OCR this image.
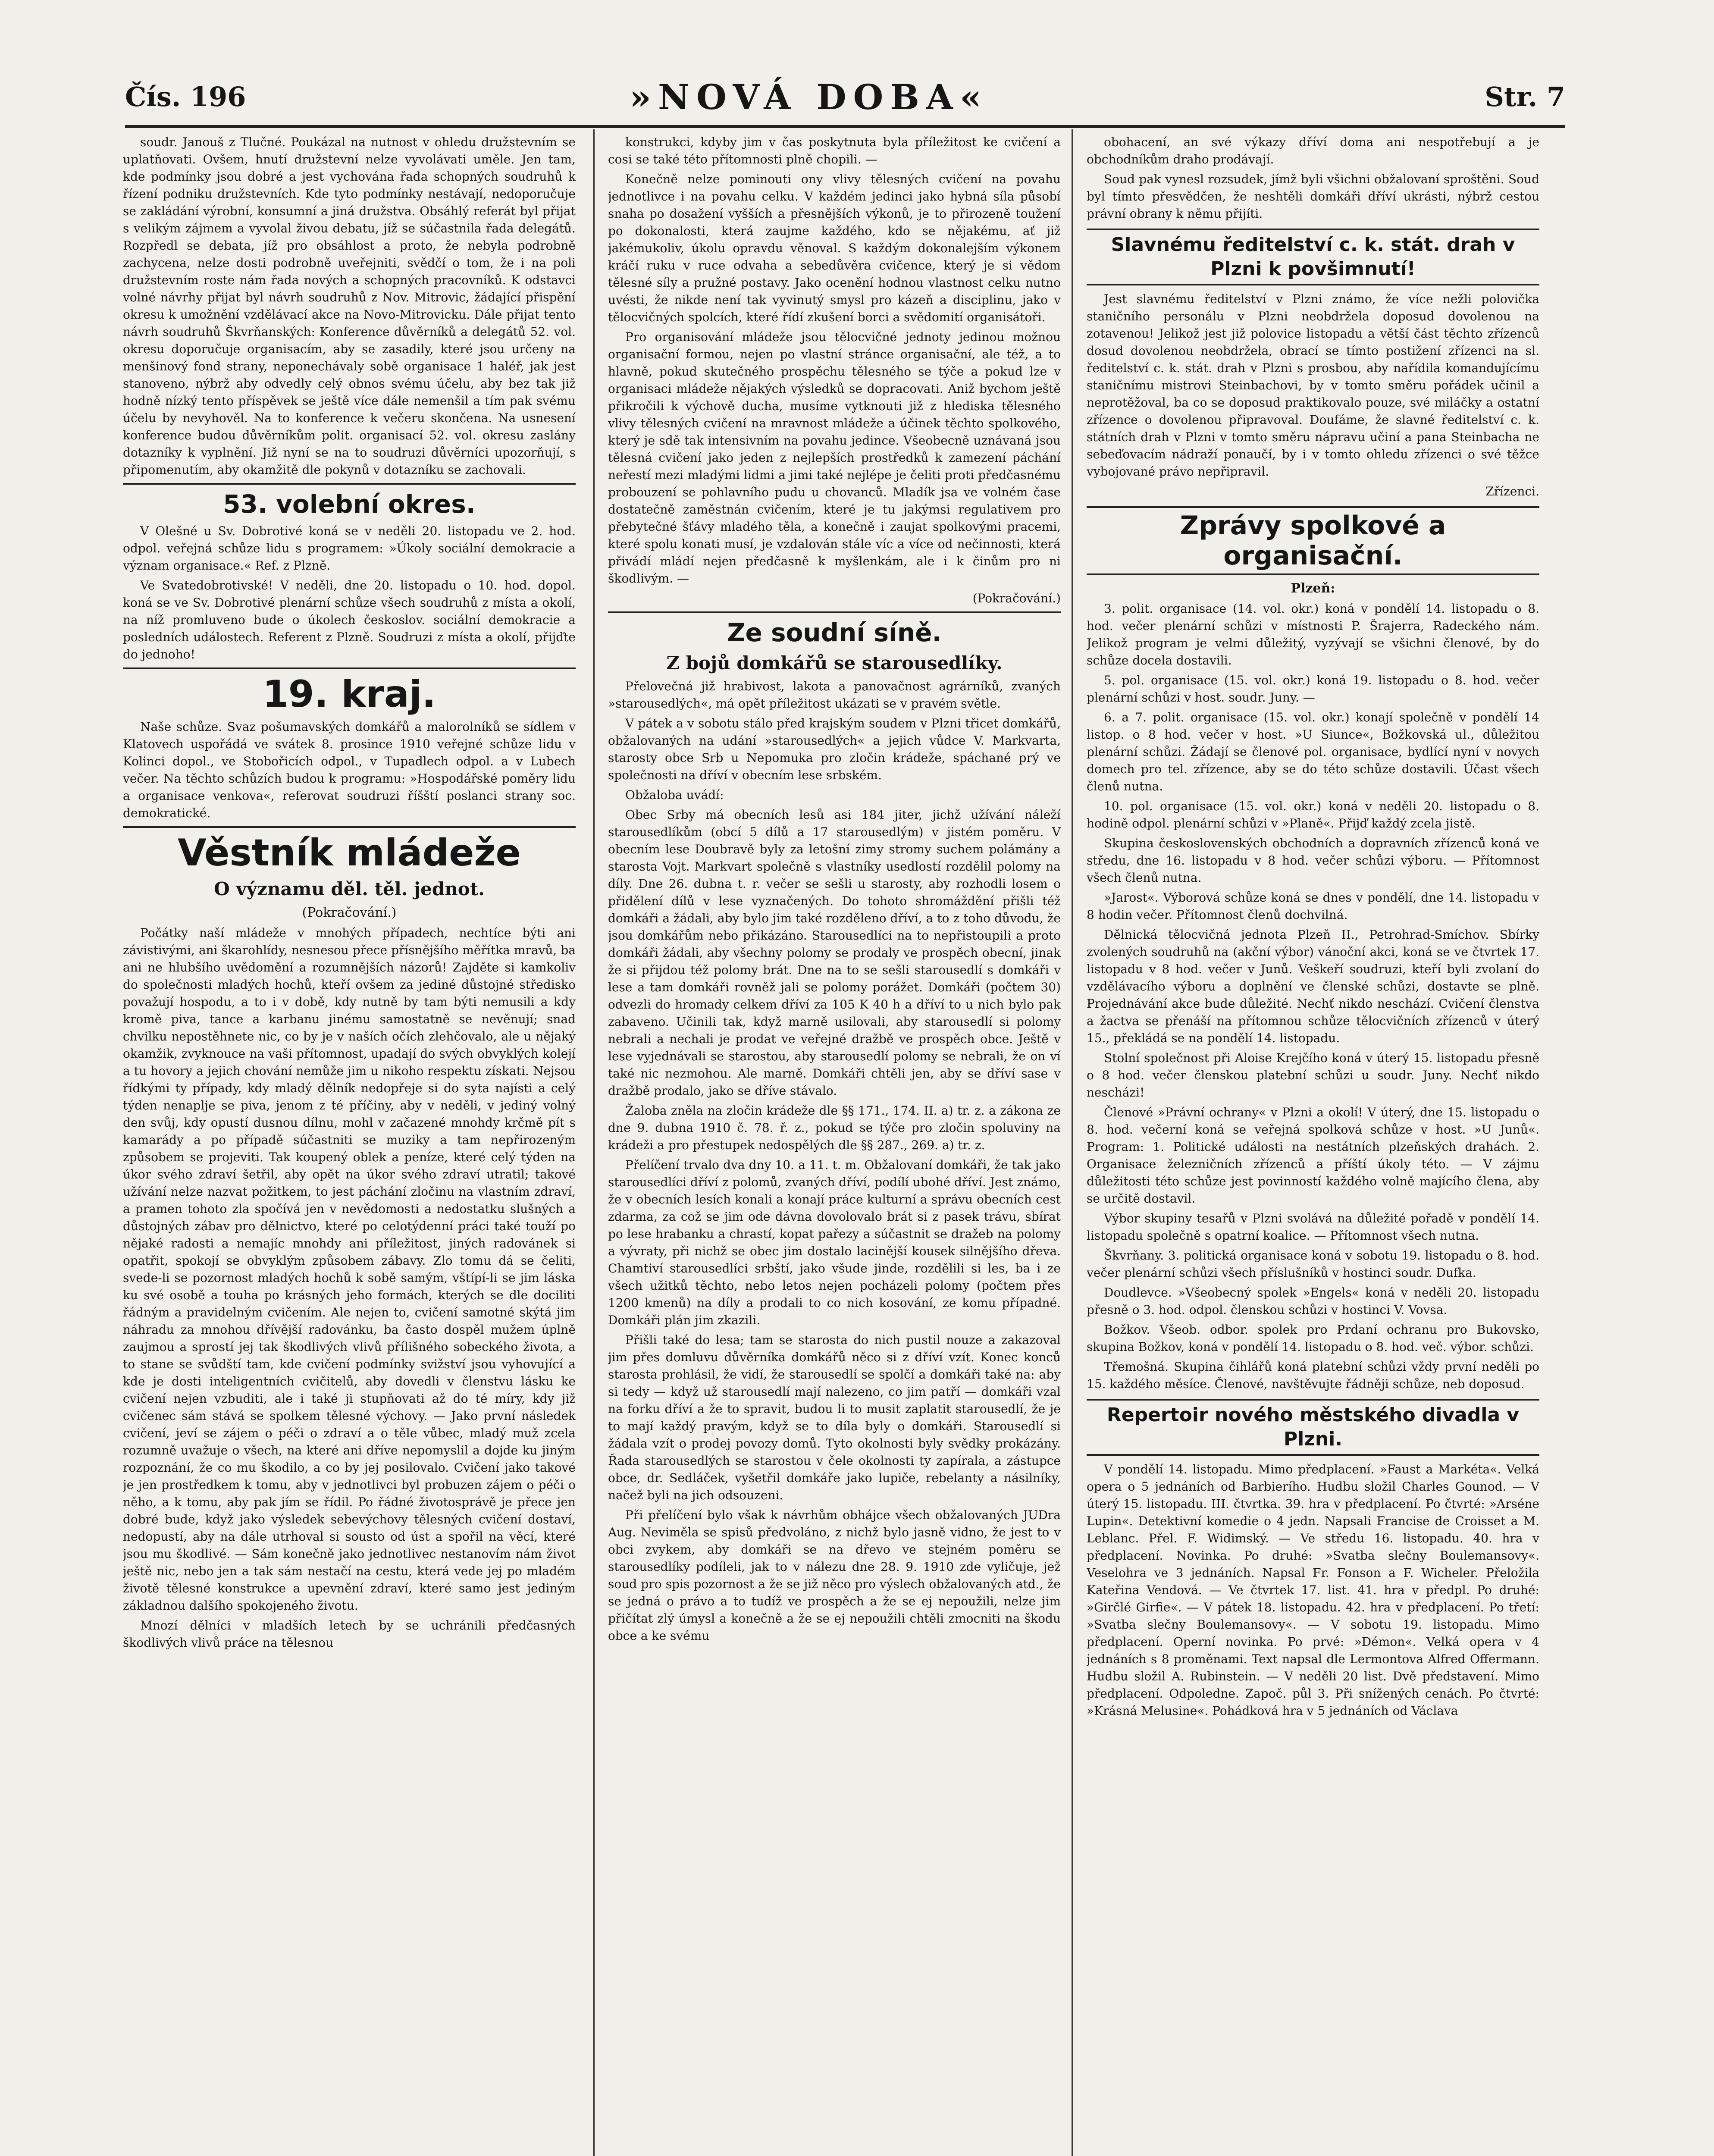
Čís. 196	»NOVÁ DOBA«	Str. 7

soudr. Janouš z Tlučné. Poukázal na nutnost v ohledu družstevním se uplatňovati. Ovšem, hnutí družstevní nelze vyvolávati uměle. Jen tam, kde podmínky jsou dobré a jest vychována řada schopných soudruhů k řízení podniku družstevních. Kde tyto podmínky nestávají, nedoporučuje se zakládání výrobní, konsumní a jiná družstva. Obsáhlý referát byl přijat s velikým zájmem a vyvolal živou debatu, jíž se súčastnila řada delegátů. Rozpředl se debata, jíž pro obsáhlost a proto, že nebyla podrobně zachycena, nelze dosti podrobně uveřejniti, svědčí o tom, že i na poli družstevním roste nám řada nových a schopných pracovníků. K odstavci volné návrhy přijat byl návrh soudruhů z Nov. Mitrovic, žádající přispění okresu k umožnění vzdělávací akce na Novo-Mitrovicku. Dále přijat tento návrh soudruhů Škvrňanských: Konference důvěrníků a delegátů 52. vol. okresu doporučuje organisacím, aby se zasadily, které jsou určeny na menšinový fond strany, neponechávaly sobě organisace 1 haléř, jak jest stanoveno, nýbrž aby odvedly celý obnos svému účelu, aby bez tak již hodně nízký tento příspěvek se ještě více dále nemenšil a tím pak svému účelu by nevyhověl. Na to konference k večeru skončena. Na usnesení konference budou důvěrníkům polit. organisací 52. vol. okresu zaslány dotazníky k vyplnění. Již nyní se na to soudruzi důvěrníci upozorňují, s připomenutím, aby okamžitě dle pokynů v dotazníku se zachovali.

53. volební okres.

V Olešné u Sv. Dobrotivé koná se v neděli 20. listopadu ve 2. hod. odpol. veřejná schůze lidu s programem: »Úkoly sociální demokracie a význam organisace.« Ref. z Plzně.

Ve Svatedobrotivské! V neděli, dne 20. listopadu o 10. hod. dopol. koná se ve Sv. Dobrotivé plenární schůze všech soudruhů z místa a okolí, na níž promluveno bude o úkolech českoslov. sociální demokracie a posledních událostech. Referent z Plzně. Soudruzi z místa a okolí, přijďte do jednoho!

19. kraj.

Naše schůze. Svaz pošumavských domkářů a malorolníků se sídlem v Klatovech uspořádá ve svátek 8. prosince 1910 veřejné schůze lidu v Kolinci dopol., ve Stobořicích odpol., v Tupadlech odpol. a v Lubech večer. Na těchto schůzích budou k programu: »Hospodářské poměry lidu a organisace venkova«, referovat soudruzi říšští poslanci strany soc. demokratické.

Věstník mládeže
O významu děl. těl. jednot.
(Pokračování.)

Počátky naší mládeže v mnohých případech, nechtíce býti ani závistivými, ani škarohlídy, nesnesou přece přísnějšího měřítka mravů, ba ani ne hlubšího uvědomění a rozumnějších názorů! Zajděte si kamkoliv do společnosti mladých hochů, kteří ovšem za jediné důstojné středisko považují hospodu, a to i v době, kdy nutně by tam býti nemusili a kdy kromě piva, tance a karbanu jinému samostatně se nevěnují; snad chvilku nepostěhnete nic, co by je v naších očích zlehčovalo, ale u nějaký okamžik, zvyknouce na vaši přítomnost, upadají do svých obvyklých kolejí a tu hovory a jejich chování nemůže jim u nikoho respektu získati. Nejsou řídkými ty případy, kdy mladý dělník nedopřeje si do syta najísti a celý týden nenaplje se piva, jenom z té příčiny, aby v neděli, v jediný volný den svůj, kdy opustí dusnou dílnu, mohl v začazené mnohdy krčmě pít s kamarády a po případě súčastniti se muziky a tam nepřirozeným způsobem se projeviti. Tak koupený oblek a peníze, které celý týden na úkor svého zdraví šetřil, aby opět na úkor svého zdraví utratil; takové užívání nelze nazvat požitkem, to jest páchání zločinu na vlastním zdraví, a pramen tohoto zla spočívá jen v nevědomosti a nedostatku slušných a důstojných zábav pro dělnictvo, které po celotýdenní práci také touží po nějaké radosti a nemajíc mnohdy ani příležitost, jiných radovánek si opatřit, spokojí se obvyklým způsobem zábavy. Zlo tomu dá se čeliti, svede-li se pozornost mladých hochů k sobě samým, vštípí-li se jim láska ku své osobě a touha po krásných jeho formách, kterých se dle dociliti řádným a pravidelným cvičením. Ale nejen to, cvičení samotné skýtá jim náhradu za mnohou dřívější radovánku, ba často dospěl mužem úplně zaujmou a sprostí jej tak škodlivých vlivů přílišného sobeckého života, a to stane se svůdští tam, kde cvičení podmínky svižství jsou vyhovující a kde je dosti inteligentních cvičitelů, aby dovedli v členstvu lásku ke cvičení nejen vzbuditi, ale i také ji stupňovati až do té míry, kdy již cvičenec sám stává se spolkem tělesné výchovy. — Jako první následek cvičení, jeví se zájem o péči o zdraví a o těle vůbec, mladý muž zcela rozumně uvažuje o všech, na které ani dříve nepomyslil a dojde ku jiným rozpoznání, že co mu škodilo, a co by jej posilovalo. Cvičení jako takové je jen prostředkem k tomu, aby v jednotlivci byl probuzen zájem o péči o něho, a k tomu, aby pak jím se řídil. Po řádné životosprávě je přece jen dobré bude, když jako výsledek sebevýchovy tělesných cvičení dostaví, nedopustí, aby na dále utrhoval si sousto od úst a spořil na věcí, které jsou mu škodlivé. — Sám konečně jako jednotlivec nestanovím nám život ještě nic, nebo jen a tak sám nestačí na cestu, která vede jej po mladém životě tělesné konstrukce a upevnění zdraví, které samo jest jediným základnou dalšího spokojeného životu.

Mnozí dělníci v mladších letech by se uchránili předčasných škodlivých vlivů práce na tělesnou

konstrukci, kdyby jim v čas poskytnuta byla příležitost ke cvičení a cosi se také této přítomnosti plně chopili. —

Konečně nelze pominouti ony vlivy tělesných cvičení na povahu jednotlivce i na povahu celku. V každém jedinci jako hybná síla působí snaha po dosažení vyšších a přesnějších výkonů, je to přirozeně toužení po dokonalosti, která zaujme každého, kdo se nějakému, ať již jakémukoliv, úkolu opravdu věnoval. S každým dokonalejším výkonem kráčí ruku v ruce odvaha a sebedůvěra cvičence, který je si vědom tělesné síly a pružné postavy. Jako ocenění hodnou vlastnost celku nutno uvésti, že nikde není tak vyvinutý smysl pro kázeň a disciplinu, jako v tělocvičných spolcích, které řídí zkušení borci a svědomití organisátoři.

Pro organisování mládeže jsou tělocvičné jednoty jedinou možnou organisační formou, nejen po vlastní stránce organisační, ale též, a to hlavně, pokud skutečného prospěchu tělesného se týče a pokud lze v organisaci mládeže nějakých výsledků se dopracovati. Aniž bychom ještě přikročili k výchově ducha, musíme vytknouti již z hlediska tělesného vlivy tělesných cvičení na mravnost mládeže a účinek těchto spolkového, který je sdě tak intensivním na povahu jedince. Všeobecně uznávaná jsou tělesná cvičení jako jeden z nejlepších prostředků k zamezení páchání neřestí mezi mladými lidmi a jimi také nejlépe je čeliti proti předčasnému probouzení se pohlavního pudu u chovanců. Mladík jsa ve volném čase dostatečně zaměstnán cvičením, které je tu jakýmsi regulativem pro přebytečné šťávy mladého těla, a konečně i zaujat spolkovými pracemi, které spolu konati musí, je vzdalován stále víc a více od nečinnosti, která přivádí mládí nejen předčasně k myšlenkám, ale i k činům pro ni škodlivým. —

(Pokračování.)

Ze soudní síně.
Z bojů domkářů se starousedlíky.

Přelovečná již hrabivost, lakota a panovačnost agrárníků, zvaných »starousedlých«, má opět příležitost ukázati se v pravém světle.

V pátek a v sobotu stálo před krajským soudem v Plzni třicet domkářů, obžalovaných na udání »starousedlých« a jejich vůdce V. Markvarta, starosty obce Srb u Nepomuka pro zločin krádeže, spáchané prý ve společnosti na dříví v obecním lese srbském.

Obžaloba uvádí:

Obec Srby má obecních lesů asi 184 jiter, jichž užívání náleží starousedlíkům (obcí 5 dílů a 17 starousedlým) v jistém poměru. V obecním lese Doubravě byly za letošní zimy stromy suchem polámány a starosta Vojt. Markvart společně s vlastníky usedlostí rozdělil polomy na díly. Dne 26. dubna t. r. večer se sešli u starosty, aby rozhodli losem o přidělení dílů v lese vyznačených. Do tohoto shromáždění přišli též domkáři a žádali, aby bylo jim také rozděleno dříví, a to z toho důvodu, že jsou domkářům nebo přikázáno. Starousedlíci na to nepřistoupili a proto domkáři žádali, aby všechny polomy se prodaly ve prospěch obecní, jinak že si přijdou též polomy brát. Dne na to se sešli starousedlí s domkáři v lese a tam domkáři rovněž jali se polomy porážet. Domkáři (počtem 30) odvezli do hromady celkem dříví za 105 K 40 h a dříví to u nich bylo pak zabaveno. Učinili tak, když marně usilovali, aby starousedlí si polomy nebrali a nechali je prodat ve veřejné dražbě ve prospěch obce. Ještě v lese vyjednávali se starostou, aby starousedlí polomy se nebrali, že on ví také nic nezmohou. Ale marně. Domkáři chtěli jen, aby se dříví sase v dražbě prodalo, jako se dříve stávalo.

Žaloba zněla na zločin krádeže dle §§ 171., 174. II. a) tr. z. a zákona ze dne 9. dubna 1910 č. 78. ř. z., pokud se týče pro zločin spoluviny na krádeži a pro přestupek nedospělých dle §§ 287., 269. a) tr. z.

Přelíčení trvalo dva dny 10. a 11. t. m. Obžalovaní domkáři, že tak jako starousedlíci dříví z polomů, zvaných dříví, podílí ubohé dříví. Jest známo, že v obecních lesích konali a konají práce kulturní a správu obecních cest zdarma, za což se jim ode dávna dovolovalo brát si z pasek trávu, sbírat po lese hrabanku a chrastí, kopat pařezy a súčastnit se dražeb na polomy a vývraty, při nichž se obec jim dostalo lacinější kousek silnějšího dřeva. Chamtiví starousedlíci srbští, jako všude jinde, rozdělili si les, ba i ze všech užitků těchto, nebo letos nejen pocházeli polomy (počtem přes 1200 kmenů) na díly a prodali to co nich kosování, ze komu případné. Domkáři plán jim zkazili.

Přišli také do lesa; tam se starosta do nich pustil nouze a zakazoval jim přes domluvu důvěrníka domkářů něco si z dříví vzít. Konec konců starosta prohlásil, že vidí, že starousedlí se spolčí a domkáři také na: aby si tedy — když už starousedlí mají nalezeno, co jim patří — domkáři vzal na forku dříví a že to spravit, budou li to musit zaplatit starousedlí, že je to mají každý pravým, když se to díla byly o domkáři. Starousedlí si žádala vzít o prodej povozy domů. Tyto okolnosti byly svědky prokázány. Řada starousedlých se starostou v čele okolnosti ty zapírala, a zástupce obce, dr. Sedláček, vyšetřil domkáře jako lupiče, rebelanty a násilníky, načež byli na jich odsouzeni.

Při přelíčení bylo však k návrhům obhájce všech obžalovaných JUDra Aug. Neviměla se spisů předvoláno, z nichž bylo jasně vidno, že jest to v obci zvykem, aby domkáři se na dřevo ve stejném poměru se starousedlíky podíleli, jak to v nálezu dne 28. 9. 1910 zde vyličuje, jež soud pro spis pozornost a že se již něco pro výslech obžalovaných atd., že se jedná o právo a to tudíž ve prospěch a že se ej nepoužili, nelze jim přičítat zlý úmysl a konečně a že se ej nepoužili chtěli zmocniti na škodu obce a ke svému

obohacení, an své výkazy dříví doma ani nespotřebují a je obchodníkům draho prodávají.

Soud pak vynesl rozsudek, jímž byli všichni obžalovaní sproštěni. Soud byl tímto přesvědčen, že neshtěli domkáři dříví ukrásti, nýbrž cestou právní obrany k němu přijíti.

Slavnému ředitelství c. k. stát. drah v Plzni k povšimnutí!

Jest slavnému ředitelství v Plzni známo, že více nežli polovička staničního personálu v Plzni neobdržela doposud dovolenou na zotavenou! Jelikož jest již polovice listopadu a větší část těchto zřízenců dosud dovolenou neobdržela, obrací se tímto postižení zřízenci na sl. ředitelství c. k. stát. drah v Plzni s prosbou, aby nařídila komandujícímu staničnímu mistrovi Steinbachovi, by v tomto směru pořádek učinil a neprotěžoval, ba co se doposud praktikovalo pouze, své miláčky a ostatní zřízence o dovolenou připravoval. Doufáme, že slavné ředitelství c. k. státních drah v Plzni v tomto směru nápravu učiní a pana Steinbacha ne sebeďovacím nádraží ponaučí, by i v tomto ohledu zřízenci o své těžce vybojované právo nepřipravil.

Zřízenci.

Zprávy spolkové a organisační.
Plzeň:

3. polit. organisace (14. vol. okr.) koná v pondělí 14. listopadu o 8. hod. večer plenární schůzi v místnosti P. Šrajerra, Radeckého nám. Jelikož program je velmi důležitý, vyzývají se všichni členové, by do schůze docela dostavili.

5. pol. organisace (15. vol. okr.) koná 19. listopadu o 8. hod. večer plenární schůzi v host. soudr. Juny. —

6. a 7. polit. organisace (15. vol. okr.) konají společně v pondělí 14 listop. o 8 hod. večer v host. »U Siunce«, Božkovská ul., důležitou plenární schůzi. Žádají se členové pol. organisace, bydlící nyní v novych domech pro tel. zřízence, aby se do této schůze dostavili. Účast všech členů nutna.

10. pol. organisace (15. vol. okr.) koná v neděli 20. listopadu o 8. hodině odpol. plenární schůzi v »Planě«. Přijď každý zcela jistě.

Skupina československých obchodních a dopravních zřízenců koná ve středu, dne 16. listopadu v 8 hod. večer schůzi výboru. — Přítomnost všech členů nutna.

»Jarost«. Výborová schůze koná se dnes v pondělí, dne 14. listopadu v 8 hodin večer. Přítomnost členů dochvilná.

Dělnická tělocvičná jednota Plzeň II., Petrohrad-Smíchov. Sbírky zvolených soudruhů na (akční výbor) vánoční akci, koná se ve čtvrtek 17. listopadu v 8 hod. večer v Junů. Veškeří soudruzi, kteří byli zvolaní do vzdělávacího výboru a doplnění ve členské schůzi, dostavte se plně. Projednávání akce bude důležité. Nechť nikdo neschází. Cvičení členstva a žactva se přenáší na přítomnou schůze tělocvičních zřízenců v úterý 15., překládá se na pondělí 14. listopadu.

Stolní společnost při Aloise Krejčího koná v úterý 15. listopadu přesně o 8 hod. večer členskou platební schůzi u soudr. Juny. Nechť nikdo nescházi!

Členové »Právní ochrany« v Plzni a okolí! V úterý, dne 15. listopadu o 8. hod. večerní koná se veřejná spolková schůze v host. »U Junů«. Program: 1. Politické události na nestátních plzeňských drahách. 2. Organisace železničních zřízenců a příští úkoly této. — V zájmu důležitosti této schůze jest povinností každého volně majícího člena, aby se určitě dostavil.

Výbor skupiny tesařů v Plzni svolává na důležité pořadě v pondělí 14. listopadu společně s opatrní koalice. — Přítomnost všech nutna.

Škvrňany. 3. politická organisace koná v sobotu 19. listopadu o 8. hod. večer plenární schůzi všech příslušníků v hostinci soudr. Dufka.

Doudlevce. »Všeobecný spolek »Engels« koná v neděli 20. listopadu přesně o 3. hod. odpol. členskou schůzi v hostinci V. Vovsa.

Božkov. Všeob. odbor. spolek pro Prdaní ochranu pro Bukovsko, skupina Božkov, koná v pondělí 14. listopadu o 8. hod. več. výbor. schůzi.

Třemošná. Skupina čihlářů koná platební schůzi vždy první neděli po 15. každého měsíce. Členové, navštěvujte řádněji schůze, neb doposud.

Repertoir nového městského divadla v Plzni.

V pondělí 14. listopadu. Mimo předplacení. »Faust a Markéta«. Velká opera o 5 jednáních od Barbierího. Hudbu složil Charles Gounod. — V úterý 15. listopadu. III. čtvrtka. 39. hra v předplacení. Po čtvrté: »Arséne Lupin«. Detektivní komedie o 4 jedn. Napsali Francise de Croisset a M. Leblanc. Přel. F. Widimský. — Ve středu 16. listopadu. 40. hra v předplacení. Novinka. Po druhé: »Svatba slečny Boulemansovy«. Veselohra ve 3 jednáních. Napsal Fr. Fonson a F. Wicheler. Přeložila Kateřina Vendová. — Ve čtvrtek 17. list. 41. hra v předpl. Po druhé: »Girčlé Girfie«. — V pátek 18. listopadu. 42. hra v předplacení. Po třetí: »Svatba slečny Boulemansovy«. — V sobotu 19. listopadu. Mimo předplacení. Operní novinka. Po prvé: »Démon«. Velká opera v 4 jednáních s 8 proměnami. Text napsal dle Lermontova Alfred Offermann. Hudbu složil A. Rubinstein. — V neděli 20 list. Dvě představení. Mimo předplacení. Odpoledne. Započ. půl 3. Při snížených cenách. Po čtvrté: »Krásná Melusine«. Pohádková hra v 5 jednáních od Václava
